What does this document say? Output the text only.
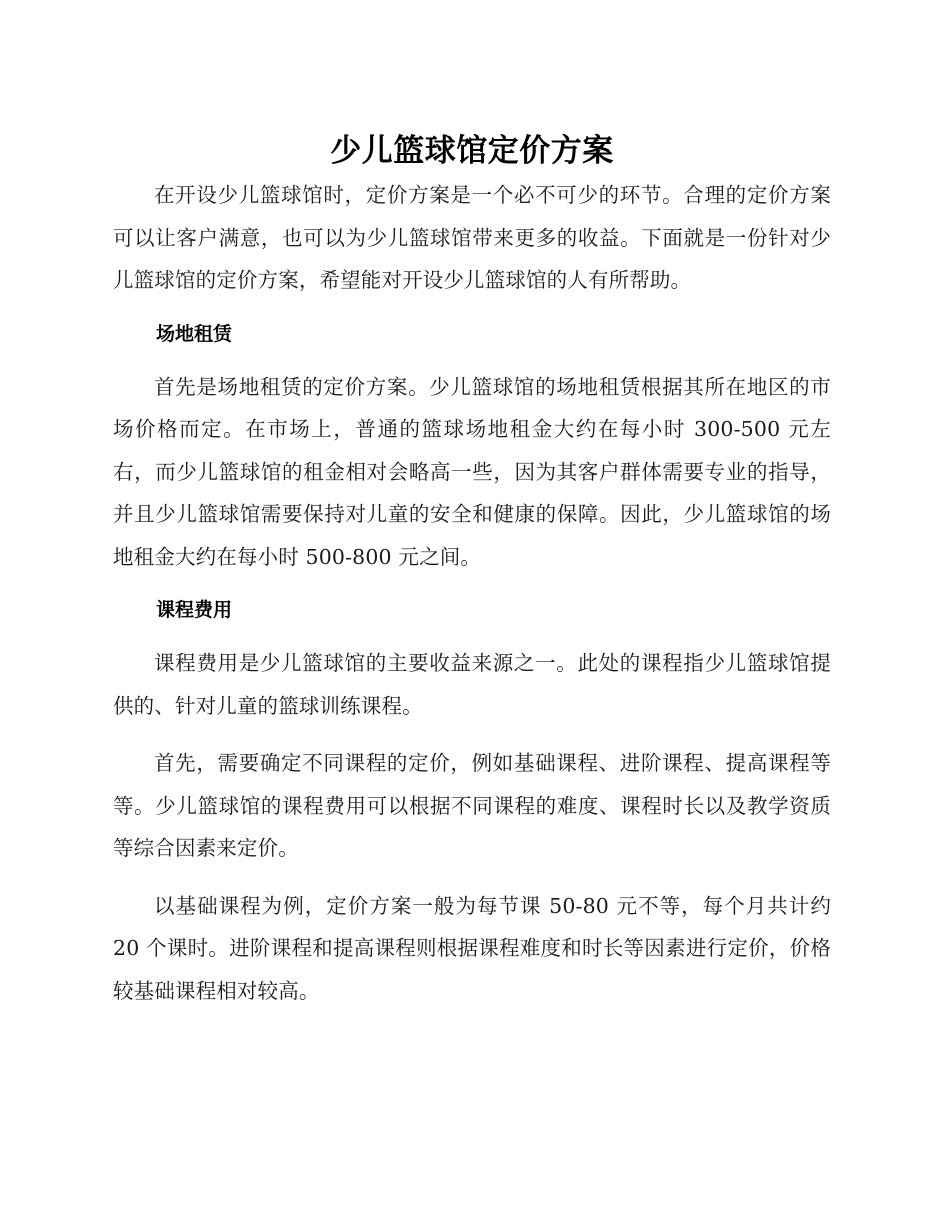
少儿篮球馆定价方案

在开设少儿篮球馆时，定价方案是一个必不可少的环节。合理的定价方案可以让客户满意，也可以为少儿篮球馆带来更多的收益。下面就是一份针对少儿篮球馆的定价方案，希望能对开设少儿篮球馆的人有所帮助。

场地租赁

首先是场地租赁的定价方案。少儿篮球馆的场地租赁根据其所在地区的市场价格而定。在市场上，普通的篮球场地租金大约在每小时 300-500 元左右，而少儿篮球馆的租金相对会略高一些，因为其客户群体需要专业的指导，并且少儿篮球馆需要保持对儿童的安全和健康的保障。因此，少儿篮球馆的场地租金大约在每小时 500-800 元之间。

课程费用

课程费用是少儿篮球馆的主要收益来源之一。此处的课程指少儿篮球馆提供的、针对儿童的篮球训练课程。

首先，需要确定不同课程的定价，例如基础课程、进阶课程、提高课程等等。少儿篮球馆的课程费用可以根据不同课程的难度、课程时长以及教学资质等综合因素来定价。

以基础课程为例，定价方案一般为每节课 50-80 元不等，每个月共计约 20 个课时。进阶课程和提高课程则根据课程难度和时长等因素进行定价，价格较基础课程相对较高。
